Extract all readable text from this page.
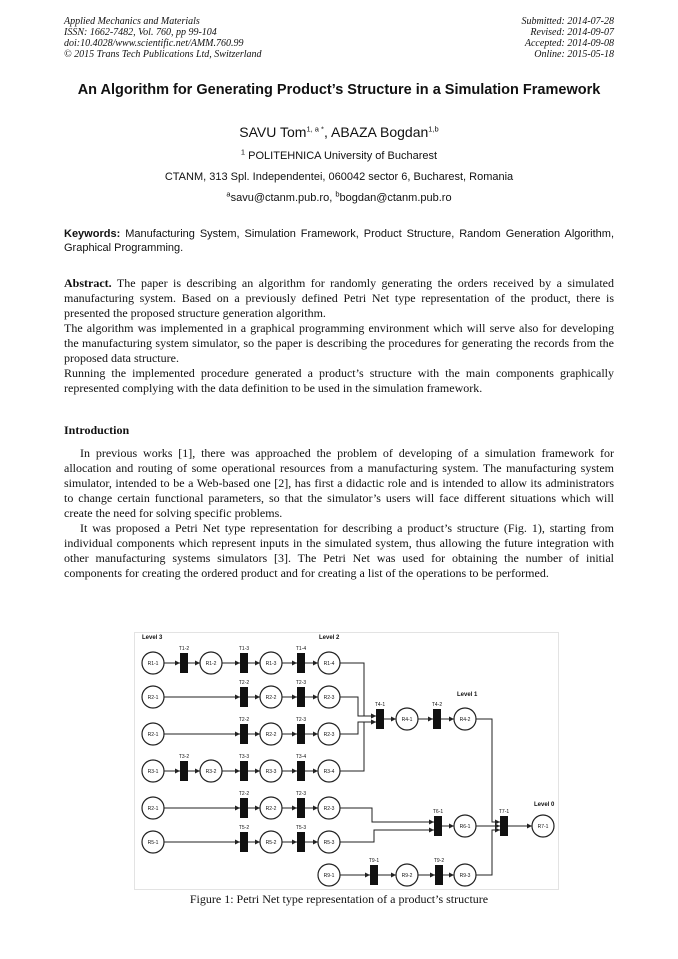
Applied Mechanics and Materials
ISSN: 1662-7482, Vol. 760, pp 99-104
doi:10.4028/www.scientific.net/AMM.760.99
© 2015 Trans Tech Publications Ltd, Switzerland
Submitted: 2014-07-28
Revised: 2014-09-07
Accepted: 2014-09-08
Online: 2015-05-18
An Algorithm for Generating Product’s Structure in a Simulation Framework
SAVU Tom$^{1, a *}$, ABAZA Bogdan$^{1,b}$
$^1$ POLITEHNICA University of Bucharest
CTANM, 313 Spl. Independentei, 060042 sector 6, Bucharest, Romania
$^a$savu@ctanm.pub.ro, $^b$bogdan@ctanm.pub.ro
Keywords: Manufacturing System, Simulation Framework, Product Structure, Random Generation Algorithm, Graphical Programming.

Abstract. The paper is describing an algorithm for randomly generating the orders received by a simulated manufacturing system. Based on a previously defined Petri Net type representation of the product, there is presented the proposed structure generation algorithm.

The algorithm was implemented in a graphical programming environment which will serve also for developing the manufacturing system simulator, so the paper is describing the procedures for generating the records from the proposed data structure.

Running the implemented procedure generated a product’s structure with the main components graphically represented complying with the data definition to be used in the simulation framework.

Introduction

In previous works [1], there was approached the problem of developing of a simulation framework for allocation and routing of some operational resources from a manufacturing system. The manufacturing system simulator, intended to be a Web-based one [2], has first a didactic role and is intended to allow its administrators to change certain functional parameters, so that the simulator’s users will face different situations which will create the need for solving specific problems.

It was proposed a Petri Net type representation for describing a product’s structure (Fig. 1), starting from individual components which represent inputs in the simulated system, thus allowing the future integration with other manufacturing systems simulators [3]. The Petri Net was used for obtaining the number of initial components for creating the ordered product and for creating a list of the operations to be performed.

Level 3	Level 2
Level 1
Level 0
R1-1
R2-1
R2-1
R3-1
R2-1
R5-1
R1-2
R3-2
R1-3
R2-2
R2-2
R3-3
R2-2
R5-2
R1-4
R2-3
R2-3
R3-4
R2-3
R5-3
R9-1
R4-1	R4-2
R6-1	R7-1
R9-2	R9-3
T1-2
T3-2
T1-3
T2-2
T2-2
T3-3
T2-2
T5-2
T1-4
T2-3
T2-3
T3-4
T2-3
T5-3
T4-1	T4-2
T6-1	T7-1
T9-1	T9-2
Figure 1: Petri Net type representation of a product’s structure
